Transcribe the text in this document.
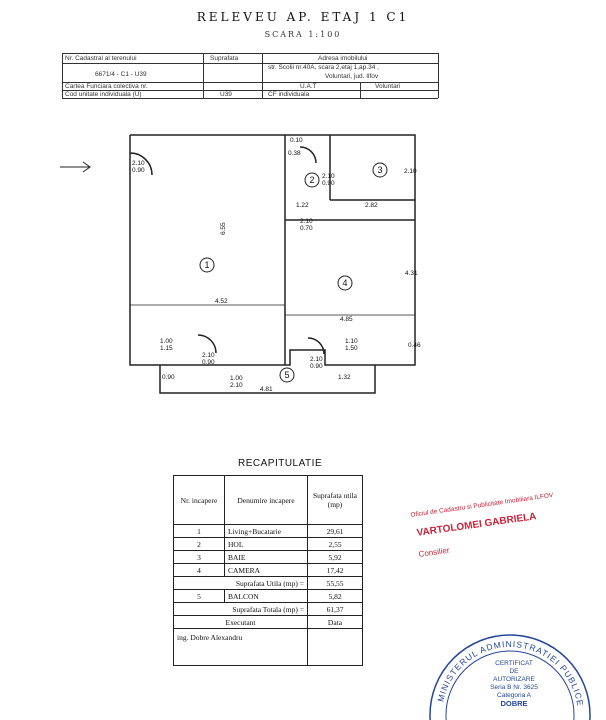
RELEVEU AP. ETAJ 1 C1
SCARA 1:100
Nr. Cadastral al terenului
6671/4 - C1 - U39
Suprafata	Adresa imobilului
str. Scolii nr.40A, scara 2,etaj 1,ap.34 ,
Voluntari, jud. Ilfov
Cartea Funciara colectiva nr.	U.A.T	Voluntari
Cod unitate individuala (U)	U39	CF individuala
1
2
3
4
5
2.10 0.90
6.55
4.52
0.10
0.38
2.10 0.90
2.10
1.22	2.82
2.10 0.70
4.31
4.85
1.00 1.15
1.10 1.50	0.46
2.10 0.90	2.10 0.90
1.00 2.10
1.32
0.90
4.81
RECAPITULATIE
Nr. incapere	Denumire incapere	Suprafata utila (mp)
1	Living+Bucatarie	29,61
2	HOL	2,55
3	BAIE	5,92
4	CAMERA	17,42
Suprafata Utila (mp) =		55,55
5	BALCON	5,82
Suprafata Totala (mp) =		61,37
Executant		Data
ing. Dobre Alexandru		
Oficiul de Cadastru si Publicitate Imobiliara ILFOV
VARTOLOMEI GABRIELA
Consilier
MINISTERUL ADMINISTRATIEI PUBLICE
CERTIFICAT
DE
AUTORIZARE
Seria B Nr. 3625
Categoria A
DOBRE
